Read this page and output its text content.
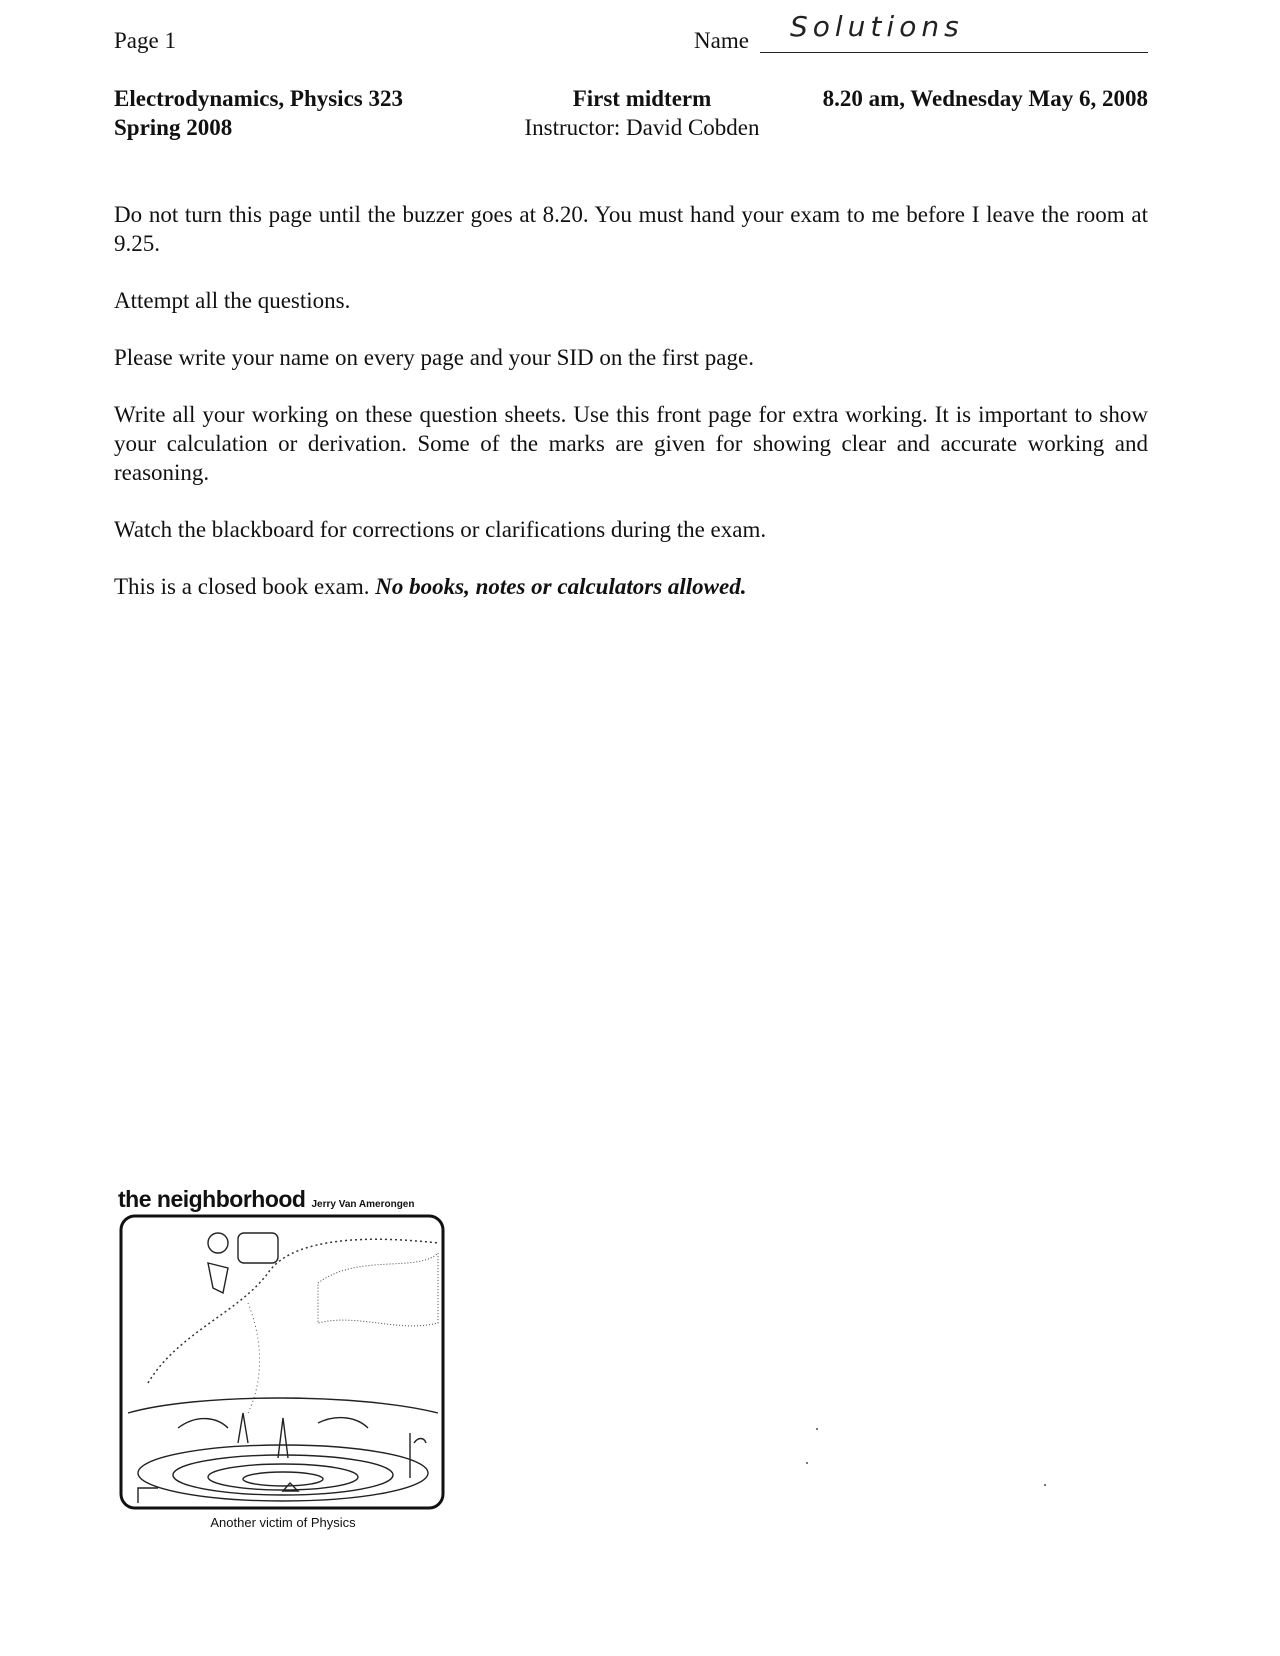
Page 1	Name Solutions
Electrodynamics, Physics 323
Spring 2008
First midterm
Instructor: David Cobden
8.20 am, Wednesday May 6, 2008

Do not turn this page until the buzzer goes at 8.20. You must hand your exam to me before I leave the room at 9.25.

Attempt all the questions.

Please write your name on every page and your SID on the first page.

Write all your working on these question sheets. Use this front page for extra working. It is important to show your calculation or derivation. Some of the marks are given for showing clear and accurate working and reasoning.

Watch the blackboard for corrections or clarifications during the exam.

This is a closed book exam. No books, notes or calculators allowed.

the neighborhood Jerry Van Amerongen
Another victim of Physics
